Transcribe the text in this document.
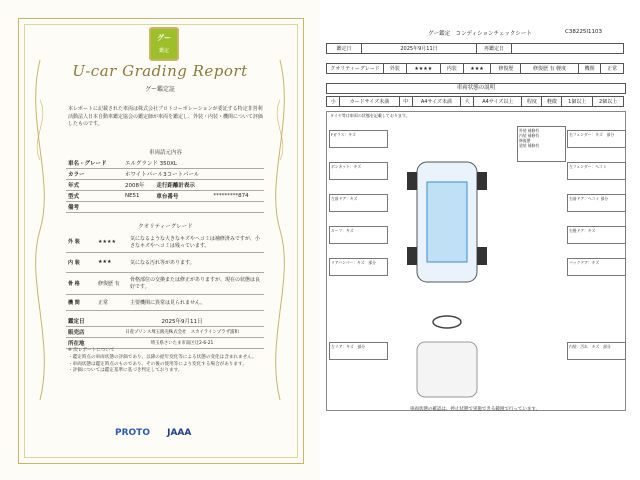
グー
鑑定
U-car Grading Report
グー鑑定証
本レポートに記載された車両は株式会社プロトコーポレーションが委託する特定非営利活動法人日本自動車鑑定協会の鑑定師が車両を鑑定し、外装・内装・機関について評価したものです。
車両請元内容
車名・グレード	エルグランド 350XL		
カラー	ホワイトパール3コートパール		
年式	2008年	走行距離計表示	
型式	NE51	車台番号	*********874
備考			
クオリティーグレード
外 装	★★★★	気になるような大きなキズやヘコミは補修済みですが、小さなキズやヘコミは残っています。
内 装	★★★	気になる汚れ等があります。
骨 格	修復歴 有	骨格部位の交換または修正がありますが、現在の状態は良好です。
機 関	正常	主要機関に異常は見られません。
鑑定日	2025年9月11日
販売店	日産プリンス埼玉販売株式会社　スカイラインプラザ浦和
所在地	埼玉県さいたま市南区辻2-6-21
※ 次レポートについて
・鑑定時点の車両状態の評価であり、以降の経年変化等による状態の変化は含まれません。
・車両状態は鑑定時点のものであり、その後の使用等により変化する場合があります。
・評価については鑑定基準に基づき判定しております。
PROTO JAAA
グー鑑定　コンディションチェックシート	C38225I1103
鑑定日	2025年9月11日	再鑑定日	
クオリティーグレード	外装	★★★★	内装	★★★	修復歴	修復歴 有 軽度	機関	正常
車両状態の説明
小	カードサイズ未満	中	A4サイズ未満	大	A4サイズ以上	程度	軽微	1個以上	2個以上
タイヤ等は車両の状態を記載しております。
Fガラス：キズ	右フェンダー：キズ　部分
ボンネット：キズ	左フェンダー：ヘコミ
左前ドア：キズ	右前ドア：ヘコミ 部分
ルーフ：キズ	右後ドア：キズ
リアバンパー：キズ　部分	バックドア：キズ
左リア：キズ　部分	内装：汚れ　キズ　部分
外装 補修有
内装 補修有
修復歴
塗装 補修有
車両状態の確認は、停止状態で実施できる範囲で行っています。
